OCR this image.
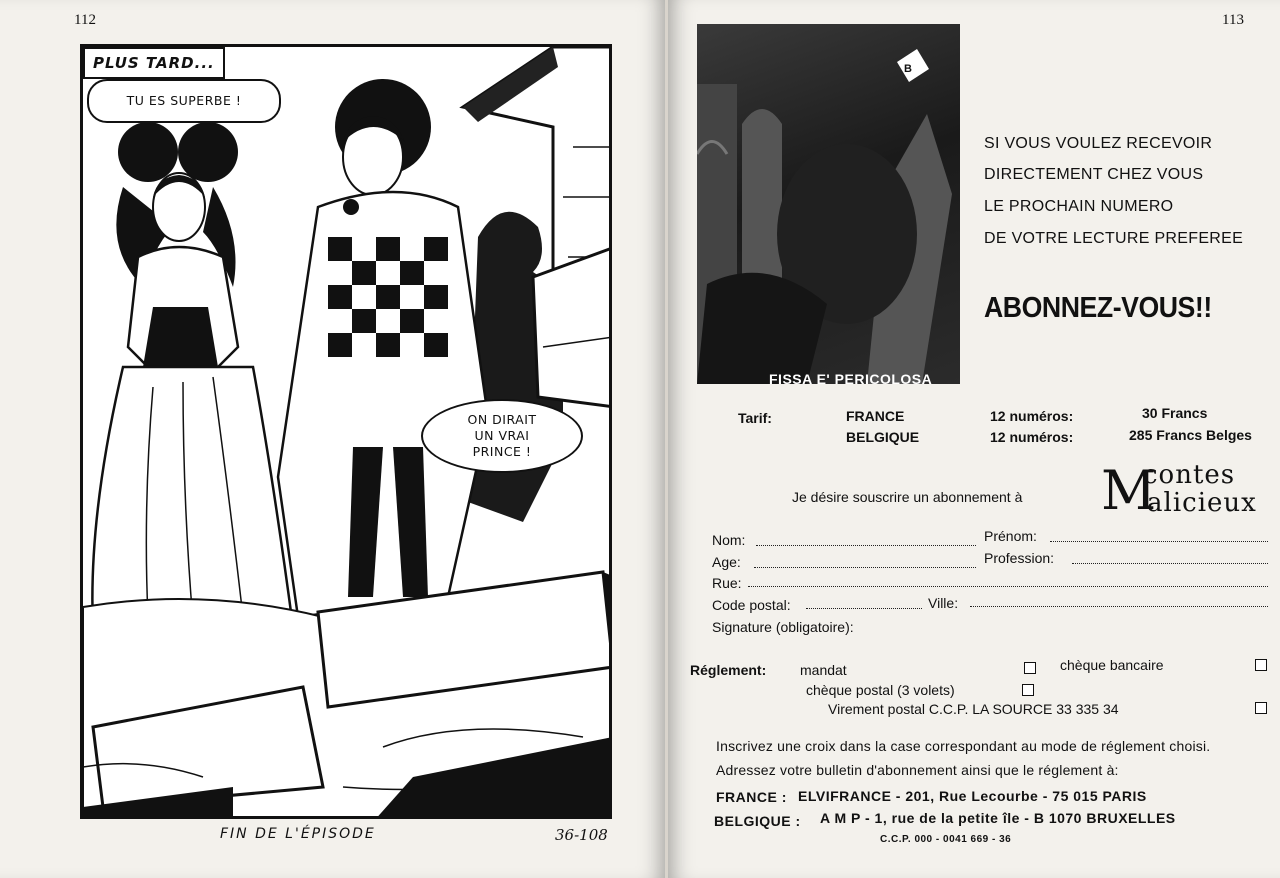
112
PLUS TARD...
TU ES SUPERBE !
ON DIRAIT
UN VRAI
PRINCE !
FIN DE L'ÉPISODE	36-108
113
B
FISSA E' PERICOLOSA
SI VOUS VOULEZ RECEVOIR
DIRECTEMENT CHEZ VOUS
LE PROCHAIN NUMERO
DE VOTRE LECTURE PREFEREE
ABONNEZ-VOUS!!
Tarif:	FRANCE	12 numéros:	30 Francs
BELGIQUE	12 numéros:	285 Francs Belges
Je désire souscrire un abonnement à M
contes
alicieux
Nom:	Prénom:
Age:	Profession:
Rue:
Code postal:	Ville:
Signature (obligatoire):
Réglement: mandat	chèque bancaire
chèque postal (3 volets)
Virement postal C.C.P. LA SOURCE 33 335 34
Inscrivez une croix dans la case correspondant au mode de réglement choisi.
Adressez votre bulletin d'abonnement ainsi que le réglement à:
FRANCE : ELVIFRANCE - 201, Rue Lecourbe - 75 015 PARIS
BELGIQUE : A M P - 1, rue de la petite île - B 1070 BRUXELLES
C.C.P. 000 - 0041 669 - 36
